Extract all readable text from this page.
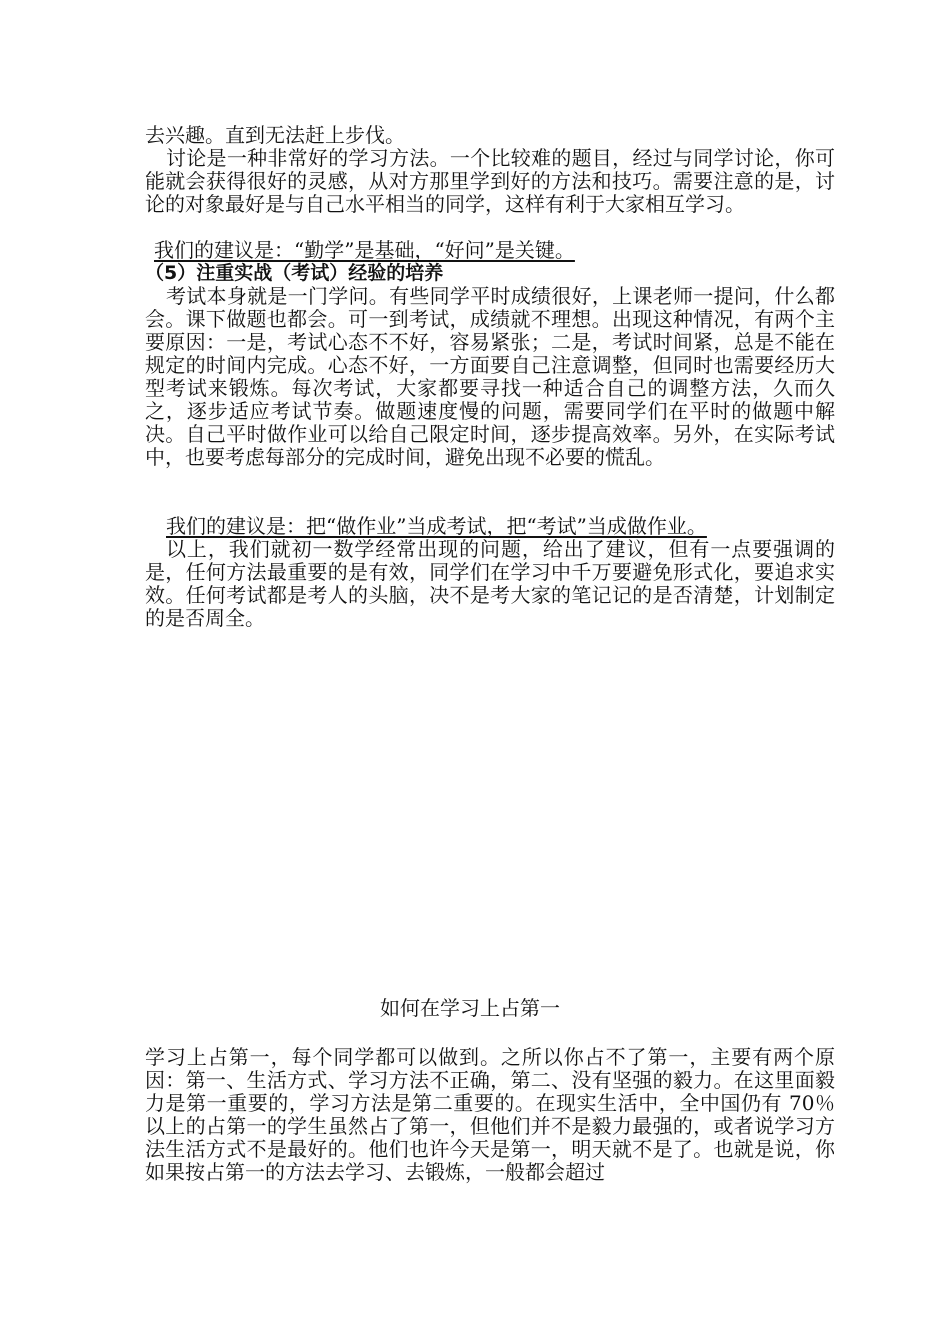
去兴趣。直到无法赶上步伐。

讨论是一种非常好的学习方法。一个比较难的题目，经过与同学讨论，你可能就会获得很好的灵感，从对方那里学到好的方法和技巧。需要注意的是，讨论的对象最好是与自己水平相当的同学，这样有利于大家相互学习。

我们的建议是：“勤学”是基础，“好问”是关键。

（5）注重实战（考试）经验的培养

考试本身就是一门学问。有些同学平时成绩很好，上课老师一提问，什么都会。课下做题也都会。可一到考试，成绩就不理想。出现这种情况，有两个主要原因：一是，考试心态不不好，容易紧张；二是，考试时间紧，总是不能在规定的时间内完成。心态不好，一方面要自己注意调整，但同时也需要经历大型考试来锻炼。每次考试，大家都要寻找一种适合自己的调整方法，久而久之，逐步适应考试节奏。做题速度慢的问题，需要同学们在平时的做题中解决。自己平时做作业可以给自己限定时间，逐步提高效率。另外，在实际考试中，也要考虑每部分的完成时间，避免出现不必要的慌乱。

我们的建议是：把“做作业”当成考试，把“考试”当成做作业。

以上，我们就初一数学经常出现的问题，给出了建议，但有一点要强调的是，任何方法最重要的是有效，同学们在学习中千万要避免形式化，要追求实效。任何考试都是考人的头脑，决不是考大家的笔记记的是否清楚，计划制定的是否周全。

如何在学习上占第一

学习上占第一，每个同学都可以做到。之所以你占不了第一，主要有两个原因：第一、生活方式、学习方法不正确，第二、没有坚强的毅力。在这里面毅力是第一重要的，学习方法是第二重要的。在现实生活中，全中国仍有 70％以上的占第一的学生虽然占了第一，但他们并不是毅力最强的，或者说学习方法生活方式不是最好的。他们也许今天是第一，明天就不是了。也就是说，你如果按占第一的方法去学习、去锻炼，一般都会超过
